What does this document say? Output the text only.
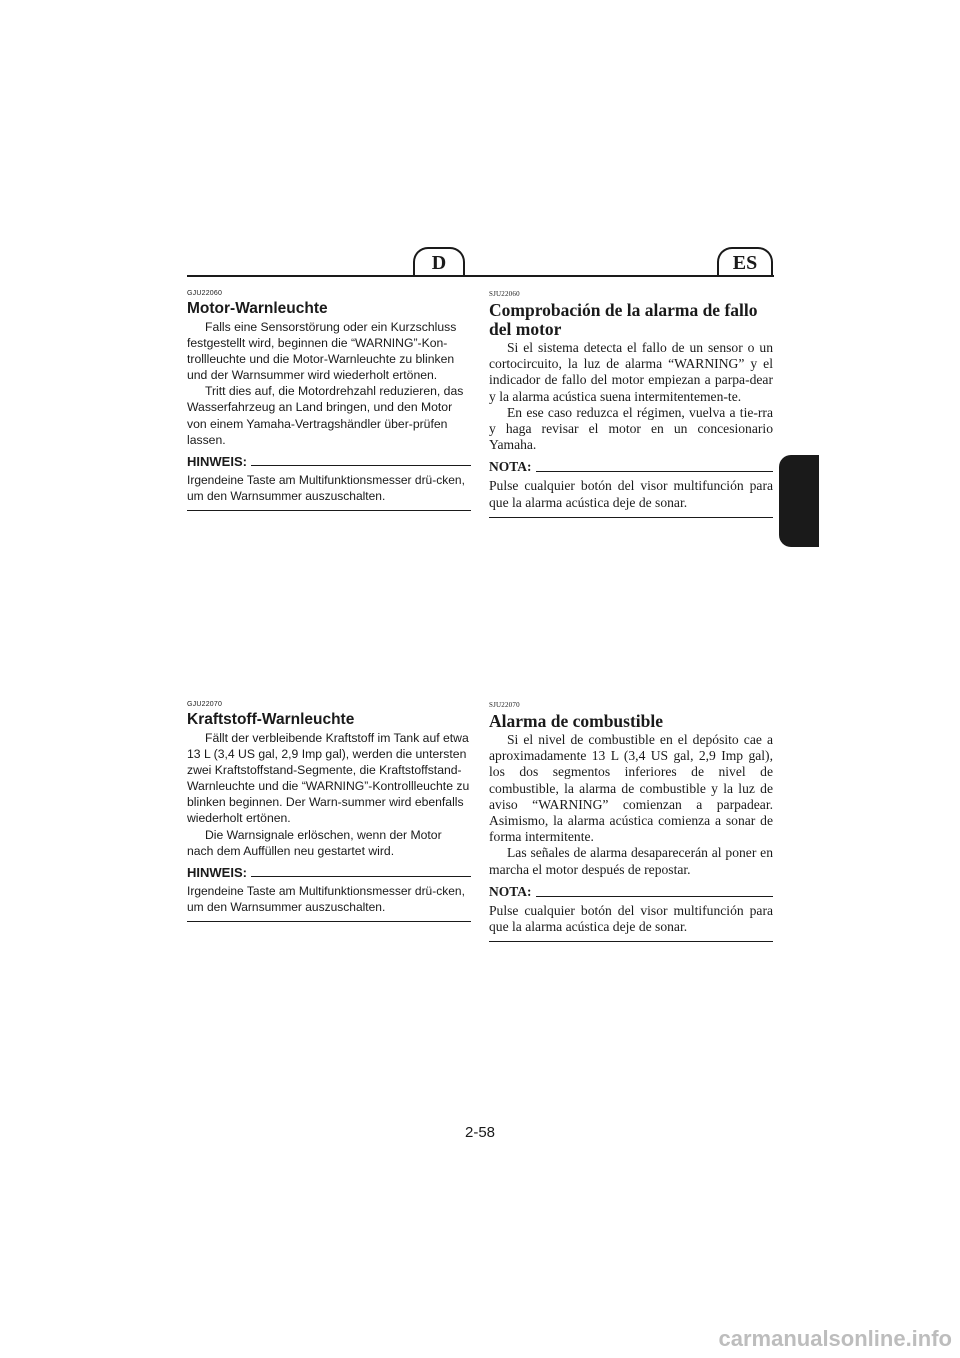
D	ES
GJU22060
Motor-Warnleuchte

Falls eine Sensorstörung oder ein Kurzschluss festgestellt wird, beginnen die “WARNING”-Kon-trollleuchte und die Motor-Warnleuchte zu blinken und der Warnsummer wird wiederholt ertönen.

Tritt dies auf, die Motordrehzahl reduzieren, das Wasserfahrzeug an Land bringen, und den Motor von einem Yamaha-Vertragshändler über-prüfen lassen.

HINWEIS:
Irgendeine Taste am Multifunktionsmesser drü-cken, um den Warnsummer auszuschalten.
SJU22060
Comprobación de la alarma de fallo del motor

Si el sistema detecta el fallo de un sensor o un cortocircuito, la luz de alarma “WARNING” y el indicador de fallo del motor empiezan a parpa-dear y la alarma acústica suena intermitentemen-te.

En ese caso reduzca el régimen, vuelva a tie-rra y haga revisar el motor en un concesionario Yamaha.

NOTA:
Pulse cualquier botón del visor multifunción para que la alarma acústica deje de sonar.
GJU22070
Kraftstoff-Warnleuchte

Fällt der verbleibende Kraftstoff im Tank auf etwa 13 L (3,4 US gal, 2,9 Imp gal), werden die untersten zwei Kraftstoffstand-Segmente, die Kraftstoffstand-Warnleuchte und die “WARNING”-Kontrollleuchte zu blinken beginnen. Der Warn-summer wird ebenfalls wiederholt ertönen.

Die Warnsignale erlöschen, wenn der Motor nach dem Auffüllen neu gestartet wird.

HINWEIS:
Irgendeine Taste am Multifunktionsmesser drü-cken, um den Warnsummer auszuschalten.
SJU22070
Alarma de combustible

Si el nivel de combustible en el depósito cae a aproximadamente 13 L (3,4 US gal, 2,9 Imp gal), los dos segmentos inferiores de nivel de combustible, la alarma de combustible y la luz de aviso “WARNING” comienzan a parpadear. Asimismo, la alarma acústica comienza a sonar de forma intermitente.

Las señales de alarma desaparecerán al poner en marcha el motor después de repostar.

NOTA:
Pulse cualquier botón del visor multifunción para que la alarma acústica deje de sonar.
2-58
carmanualsonline.info
